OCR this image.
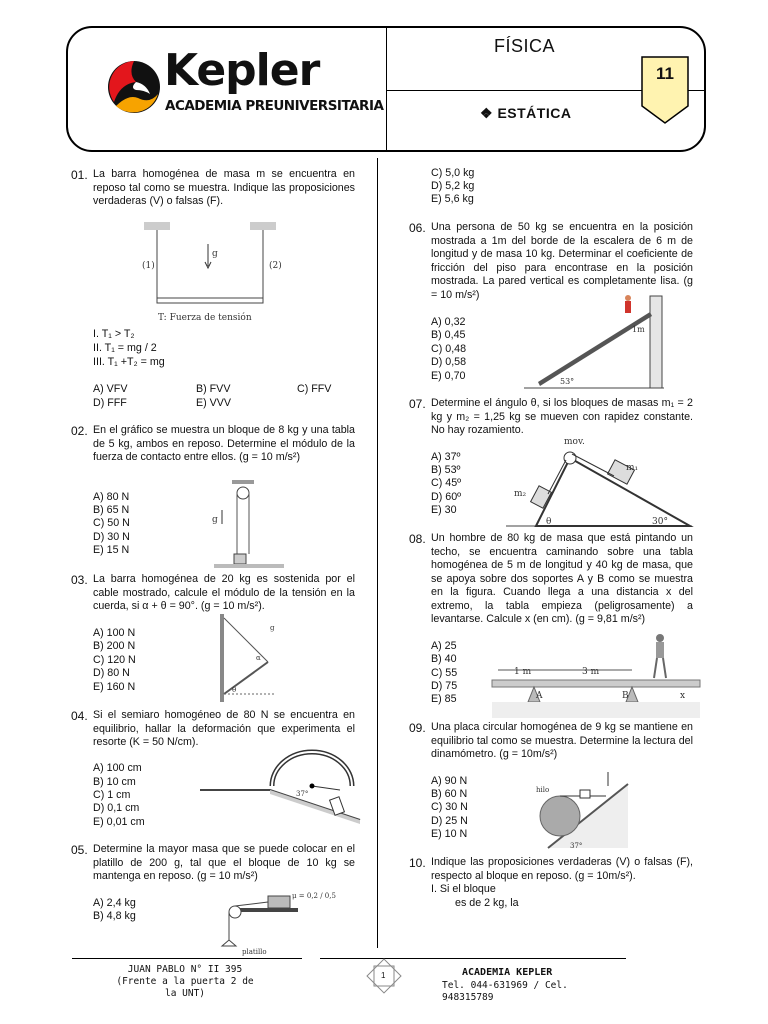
Kepler
ACADEMIA PREUNIVERSITARIA
FÍSICA
❖ ESTÁTICA
11
01. La barra homogénea de masa m se encuentra en reposo tal como se muestra. Indique las proposiciones verdaderas (V) o falsas (F).
g
(1)	(2)
T: Fuerza de tensión
I. T₁ > T₂
II. T₁ = mg / 2
III. T₁ +T₂ = mg
A) VFV	B) FVV	C) FFV
D) FFF	E) VVV
02. En el gráfico se muestra un bloque de 8 kg y una tabla de 5 kg, ambos en reposo. Determine el módulo de la fuerza de contacto entre ellos. (g = 10 m/s²)
A) 80 N
B) 65 N
C) 50 N
D) 30 N
E) 15 N
g
03. La barra homogénea de 20 kg es sostenida por el cable mostrado, calcule el módulo de la tensión en la cuerda, si α + θ = 90°. (g = 10 m/s²).
A) 100 N
B) 200 N
C) 120 N
D) 80 N
E) 160 N
α
θ
g
04. Si el semiaro homogéneo de 80 N se encuentra en equilibrio, hallar la deformación que experimenta el resorte (K = 50 N/cm).
A) 100 cm
B) 10 cm
C) 1 cm
D) 0,1 cm
E) 0,01 cm
37°
05. Determine la mayor masa que se puede colocar en el platillo de 200 g, tal que el bloque de 10 kg se mantenga en reposo. (g = 10 m/s²)
A) 2,4 kg
B) 4,8 kg
μ = 0,2 / 0,5
platillo
C) 5,0 kg
D) 5,2 kg
E) 5,6 kg
06. Una persona de 50 kg se encuentra en la posición mostrada a 1m del borde de la escalera de 6 m de longitud y de masa 10 kg. Determinar el coeficiente de fricción del piso para encontrase en la posición mostrada. La pared vertical es completamente lisa. (g = 10 m/s²)
A) 0,32
B) 0,45
C) 0,48
D) 0,58
E) 0,70
1m
53°
07. Determine el ángulo θ, si los bloques de masas m₁ = 2 kg y m₂ = 1,25 kg se mueven con rapidez constante. No hay rozamiento.
A) 37º
B) 53º
C) 45º
D) 60º
E) 30
mov.
m₁
m₂
θ	30°
08. Un hombre de 80 kg de masa que está pintando un techo, se encuentra caminando sobre una tabla homogénea de 5 m de longitud y 40 kg de masa, que se apoya sobre dos soportes A y B como se muestra en la figura. Cuando llega a una distancia x del extremo, la tabla empieza (peligrosamente) a levantarse. Calcule x (en cm). (g = 9,81 m/s²)
A) 25
B) 40
C) 55
D) 75
E) 85
1 m	3 m
A	B	x
09. Una placa circular homogénea de 9 kg se mantiene en equilibrio tal como se muestra. Determine la lectura del dinamómetro. (g = 10m/s²)
A) 90 N
B) 60 N
C) 30 N
D) 25 N
E) 10 N
hilo
37°
10. Indique las proposiciones verdaderas (V) o falsas (F), respecto al bloque en reposo. (g = 10m/s²).
I. Si el bloque
es de 2 kg, la
JUAN PABLO N° II 395 (Frente a la puerta 2 de la UNT)
1	ACADEMIA KEPLER
Tel. 044-631969 / Cel. 948315789
